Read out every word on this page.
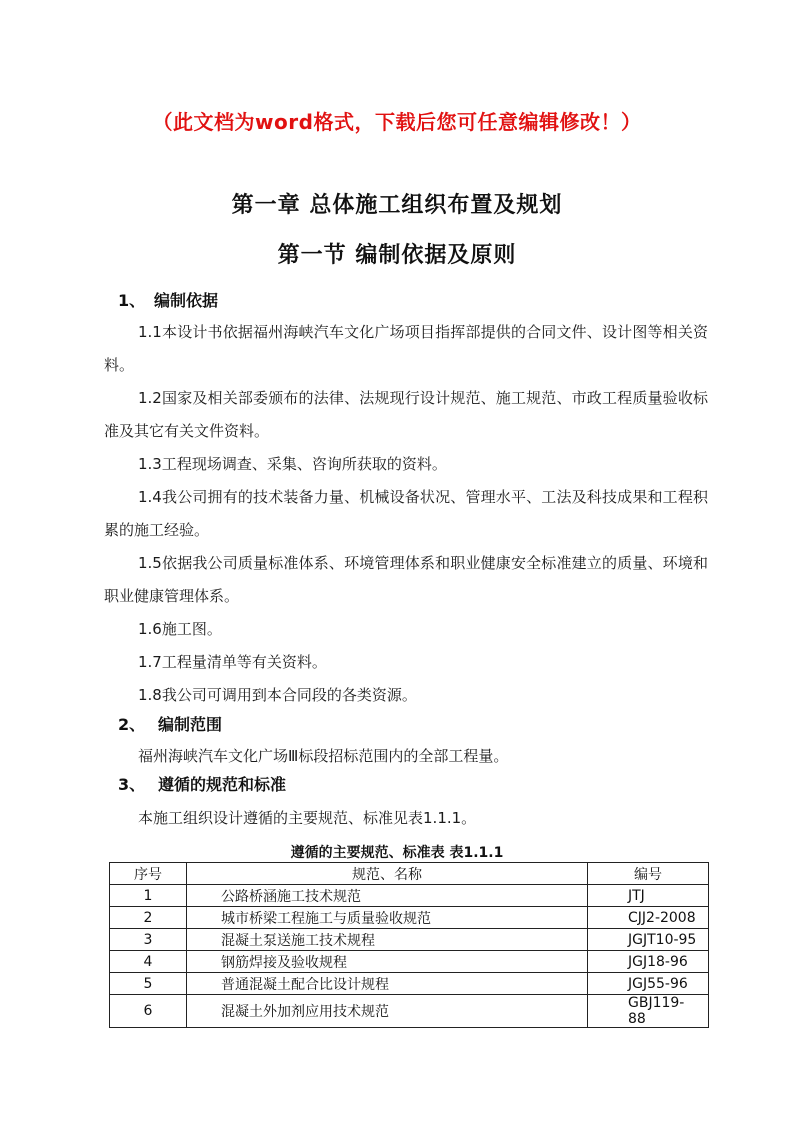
（此文档为word格式，下载后您可任意编辑修改！）
第一章 总体施工组织布置及规划
第一节 编制依据及原则
1、 编制依据
1.1本设计书依据福州海峡汽车文化广场项目指挥部提供的合同文件、设计图等相关资料。
1.2国家及相关部委颁布的法律、法规现行设计规范、施工规范、市政工程质量验收标准及其它有关文件资料。
1.3工程现场调查、采集、咨询所获取的资料。
1.4我公司拥有的技术装备力量、机械设备状况、管理水平、工法及科技成果和工程积累的施工经验。
1.5依据我公司质量标准体系、环境管理体系和职业健康安全标准建立的质量、环境和职业健康管理体系。
1.6施工图。
1.7工程量清单等有关资料。
1.8我公司可调用到本合同段的各类资源。
2、 编制范围
福州海峡汽车文化广场Ⅲ标段招标范围内的全部工程量。
3、 遵循的规范和标准
本施工组织设计遵循的主要规范、标准见表1.1.1。
遵循的主要规范、标准表 表1.1.1
序号	规范、名称	编号
1	公路桥涵施工技术规范	JTJ
2	城市桥梁工程施工与质量验收规范	CJJ2-2008
3	混凝土泵送施工技术规程	JGJT10-95
4	钢筋焊接及验收规程	JGJ18-96
5	普通混凝土配合比设计规程	JGJ55-96
6	混凝土外加剂应用技术规范	GBJ119-88
